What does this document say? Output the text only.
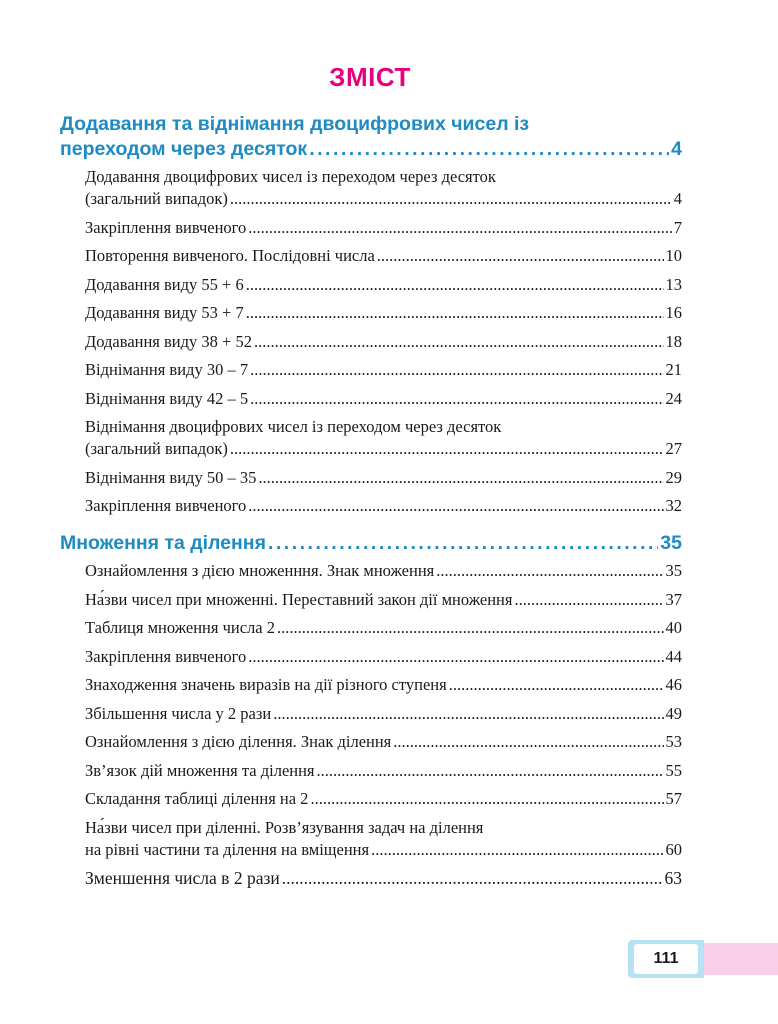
ЗМІСТ
Додавання та віднімання двоцифрових чисел із
переходом через десяток .....	4
Додавання двоцифрових чисел із переходом через десяток
(загальний випадок) .....	4
Закріплення вивченого .....	7
Повторення вивченого. Послідовні числа .....	10
Додавання виду 55 + 6 .....	13
Додавання виду 53 + 7 .....	16
Додавання виду 38 + 52 .....	18
Віднімання виду 30 – 7 .....	21
Віднімання виду 42 – 5 .....	24
Віднімання двоцифрових чисел із переходом через десяток
(загальний випадок) .....	27
Віднімання виду 50 – 35 .....	29
Закріплення вивченого .....	32
Множення та ділення .....	35
Ознайомлення з дією множенння. Знак множення .....	35
На́зви чисел при множенні. Переставний закон дії множення .....	37
Таблиця множення числа 2 .....	40
Закріплення вивченого .....	44
Знаходження значень виразів на дії різного ступеня .....	46
Збільшення числа у 2 рази .....	49
Ознайомлення з дією ділення. Знак ділення .....	53
Зв’язок дій множення та ділення .....	55
Складання таблиці ділення на 2 .....	57
На́зви чисел при діленні. Розв’язування задач на ділення
на рівні частини та ділення на вміщення .....	60
Зменшення числа в 2 рази .....	63
111
